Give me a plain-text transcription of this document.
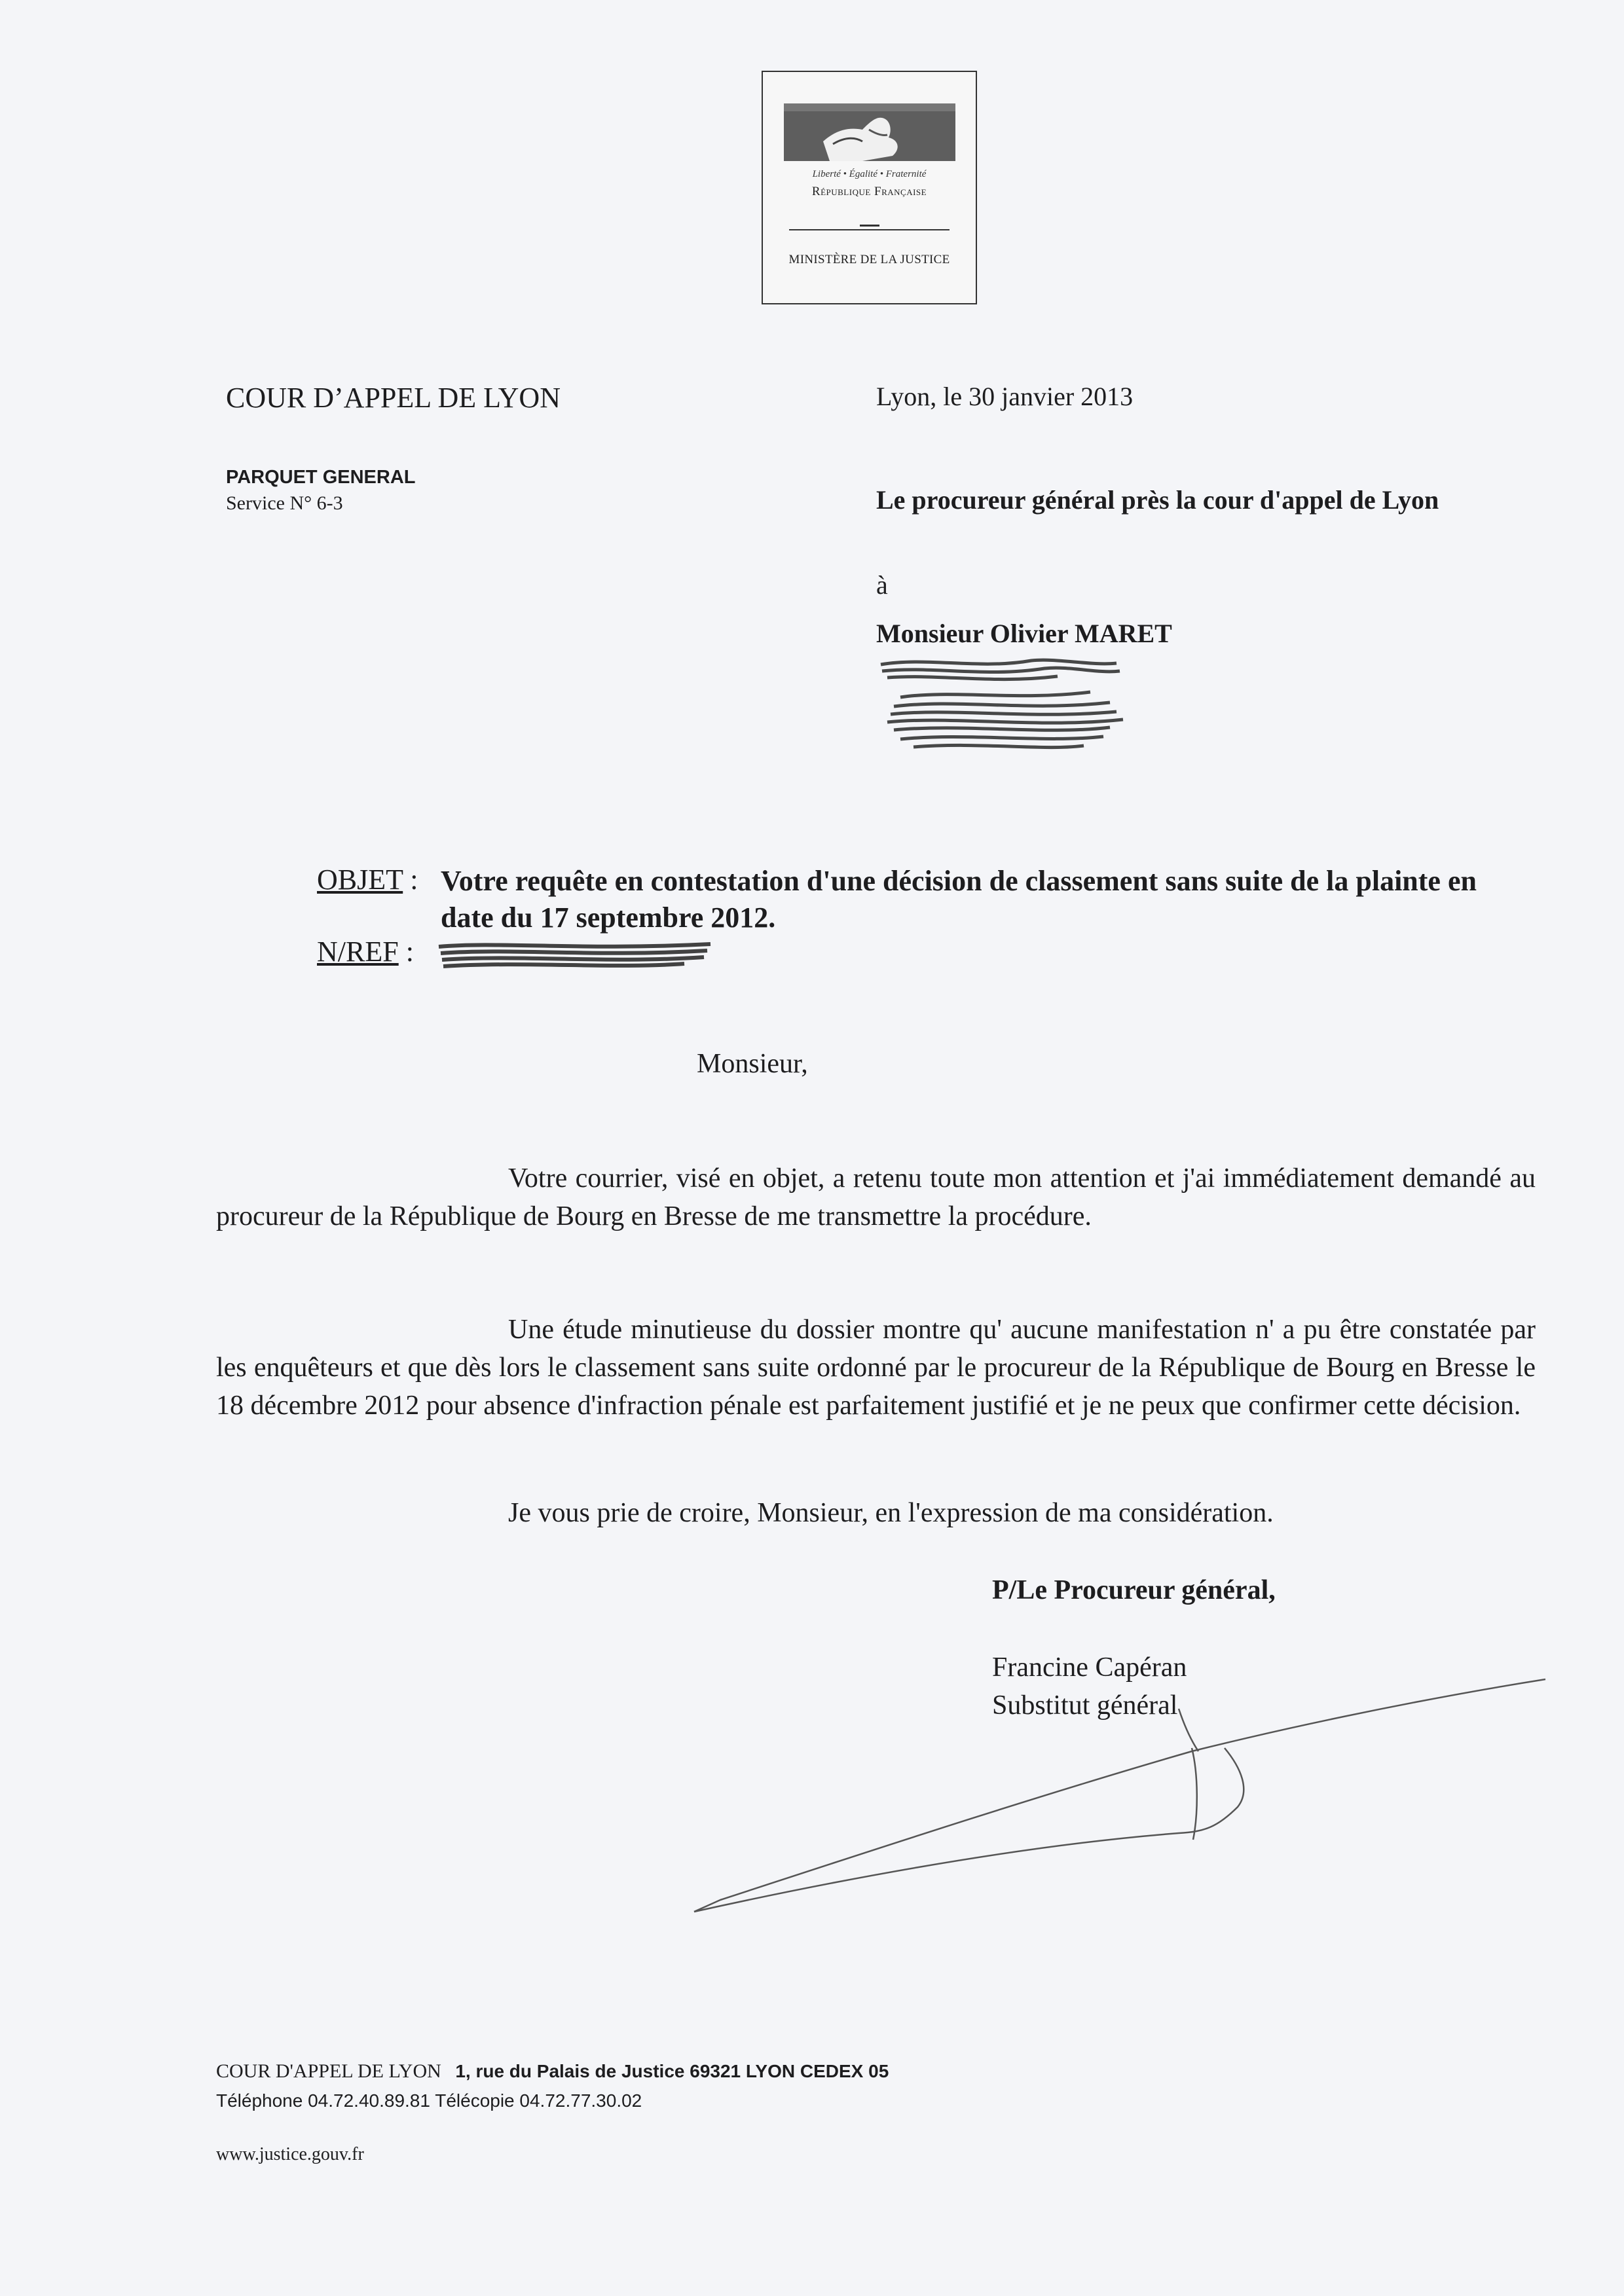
Liberté • Égalité • Fraternité
République Française
MINISTÈRE DE LA JUSTICE
COUR D’APPEL DE LYON
PARQUET GENERAL
Service N° 6-3
Lyon, le 30 janvier 2013
Le procureur général près la cour d'appel de Lyon
à
Monsieur Olivier MARET
OBJET : Votre requête en contestation d'une décision de classement sans suite de la plainte en date du 17 septembre 2012.
N/REF :
Monsieur,
Votre courrier, visé en objet, a retenu toute mon attention et j'ai immédiatement demandé au procureur de la République de Bourg en Bresse de me transmettre la procédure.
Une étude minutieuse du dossier montre qu' aucune manifestation n' a pu être constatée par les enquêteurs et que dès lors le classement sans suite ordonné par le procureur de la République de Bourg en Bresse le 18 décembre 2012 pour absence d'infraction pénale est parfaitement justifié et je ne peux que confirmer cette décision.
Je vous prie de croire, Monsieur, en l'expression de ma considération.
P/Le Procureur général,
Francine Capéran
Substitut général
COUR D'APPEL DE LYON 1, rue du Palais de Justice 69321 LYON CEDEX 05
Téléphone 04.72.40.89.81 Télécopie 04.72.77.30.02
www.justice.gouv.fr
